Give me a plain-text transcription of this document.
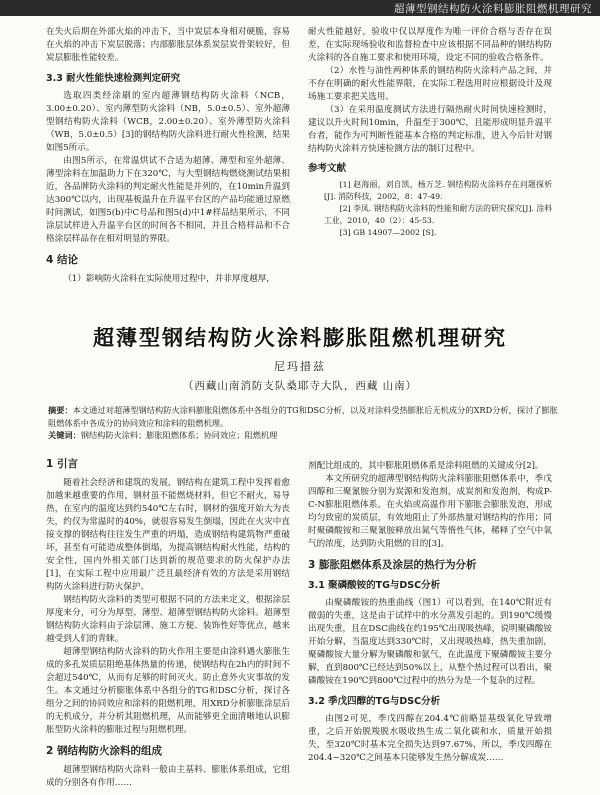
超薄型钢结构防火涂料膨胀阻燃机理研究

在失火后期在外部火焰的冲击下，当中炭层本身相对硬脆，容易在火焰的冲击下炭层脱落；内部膨胀层体系炭层炭骨架较好，但炭层膨胀性能较差。

3.3 耐火性能快速检测判定研究

选取四类经涂刷的室内超薄钢结构防火涂料（NCB，3.00±0.20）、室内薄型防火涂料（NB，5.0±0.5）、室外超薄型钢结构防火涂料（WCB，2.00±0.20）、室外薄型防火涂料（WB，5.0±0.5）[3]的钢结构防火涂料进行耐火性检测，结果如图5所示。

由图5所示，在常温烘试不合适为超薄、薄型和室外超薄、薄型涂料在加温助力下在320℃，与大型钢结构燃烧测试结果相近，各品牌防火涂料的判定耐火性能是并列的，在10min升温到达300℃以内，出现基板温升在升温平台区的产品均能通过原燃时间测试，如图5(b)中C号品和图5(d)中1#样品结果所示，不同涂层试样进入升温平台区的时间各不相同，并且合格样品和不合格涂层样品存在相对明显的界限。

4 结论

（1）影响防火涂料在实际使用过程中，并非厚度越厚，

耐火性能越好，验收中仅以厚度作为唯一评价合格与否存在误差，在实际现场验收和监督检查中应该根据不同品种的钢结构防火涂料的各自施工要求和使用环境，设定不同的验收合格条件。

（2）水性与油性两种体系的钢结构防火涂料产品之间，并不存在明确的耐火性能界限，在实际工程选用时应根据设计及现场施工要求把关选用。

（3）在采用温度测试方法进行隔热耐火时间快速检测时，建议以升火时间10min，升温至于300℃，且能形成明显升温平台者，能作为可判断性能基本合格的判定标准，进入今后针对钢结构防火涂料方快速检测方法的制订过程中。

参考文献

[1] 赵海丽，刘自凯，杨万芝. 钢结构防火涂料存在问题探析[J]. 消防科技，2002，8：47-49.

[2] 李凤. 钢结构防火涂料的性能和耐方法的研究探究[J]. 涂料工业，2010，40（2）：45-53.

[3] GB 14907—2002 [S].

超薄型钢结构防火涂料膨胀阻燃机理研究
尼玛措兹
（西藏山南消防支队桑耶寺大队，西藏 山南）
摘要：本文通过对超薄型钢结构防火涂料膨胀阻燃体系中各组分的TG和DSC分析，以及对涂料受热膨胀后无机成分的XRD分析，探讨了膨胀阻燃体系中各成分的协同效应和涂料的阻燃机理。
关键词：钢结构防火涂料；膨胀阻燃体系；协同效应；阻燃机理
1 引言

随着社会经济和建筑的发展，钢结构在建筑工程中发挥着愈加越来越重要的作用，钢材虽不能燃烧材料，但它不耐火，易导热，在室内的温度达到约540℃左右时，钢材的强度开始大为丧失，约仅为常温时的40%，就很容易发生倒塌，因此在火灾中直接支撑的钢结构往往发生严重的坍塌，造成钢结构建筑物严重破坏，甚至有可能造成整体倒塌，为提高钢结构耐火性能，结构的安全性，国内外相关部门达到新的规范要求的防火保护办法[1]，在实际工程中应用最广泛且最经济有效的方法是采用钢结构防火涂料进行防火保护。

钢结构防火涂料的类型可根据不同的方法来定义，根据涂层厚度来分，可分为厚型、薄型、超薄型钢结构防火涂料。超薄型钢结构防火涂料由于涂层薄、施工方便、装饰性好等优点，越来越受到人们的青睐。

超薄型钢结构防火涂料的防火作用主要是由涂料遇火膨胀生成的多孔炭质层阻绝基体热量的传递，使钢结构在2h内的时间不会超过540℃，从而有足够的时间灭火。防止意外火灾事故的发生。本文通过分析膨胀体系中各组分的TG和DSC分析，探讨各组分之间的协同效应和涂料的阻燃机理，用XRD分析膨胀涂层后的无机成分，并分析其阻燃机理，从而能够更全面清晰地认识膨胀型防火涂料的膨胀过程与阻燃机理。

2 钢结构防火涂料的组成

超薄型钢结构防火涂料一般由主基料、膨胀体系组成，它组成的分别各有作用……

剂配比组成的，其中膨胀阻燃体系是涂料阻燃的关键成分[2]。

本文所研究的超薄型钢结构防火涂料膨胀阻燃体系中，季戊四醇和三聚氰胺分别为炭源和发泡剂，成炭剂和发泡剂，构成P-C-N膨胀阻燃体系。在火焰或高温作用下膨胀会膨胀发泡，形成均匀致密的炭质层，有效地阻止了外部热量对钢结构的作用；同时聚磷酸铵和三聚氰胺释放出氮气等惰性气体，稀释了空气中氧气的浓度，达到防火阻燃的目的[3]。

3 膨胀阻燃体系及涂层的热行为分析
3.1 聚磷酸铵的TG与DSC分析

由聚磷酸铵的热重曲线（图1）可以看到，在140℃附近有微弱的失重，这是由于试样中的水分蒸发引起的。到190℃缓慢出现失重，且在DSC曲线在约195℃出现吸热峰，说明聚磷酸铵开始分解，当温度达到330℃时，又出现吸热峰，热失重加剧，聚磷酸铵大量分解为聚磷酸和氨气，在此温度下聚磷酸铵主要分解，直到800℃已经达到50%以上，从整个热过程可以看出，聚磷酸铵在190℃到800℃过程中的热分为是一个复杂的过程。

3.2 季戊四醇的TG与DSC分析

由图2可见，季戊四醇在204.4℃前略显基级氧化导致增重，之后开始脱羧脱水吸收热生成二氧化碳和水，质量开始损失，至320℃时基本完全损失达到97.67%，所以，季戊四醇在204.4~320℃之间基本只能够发生热分解成炭……
